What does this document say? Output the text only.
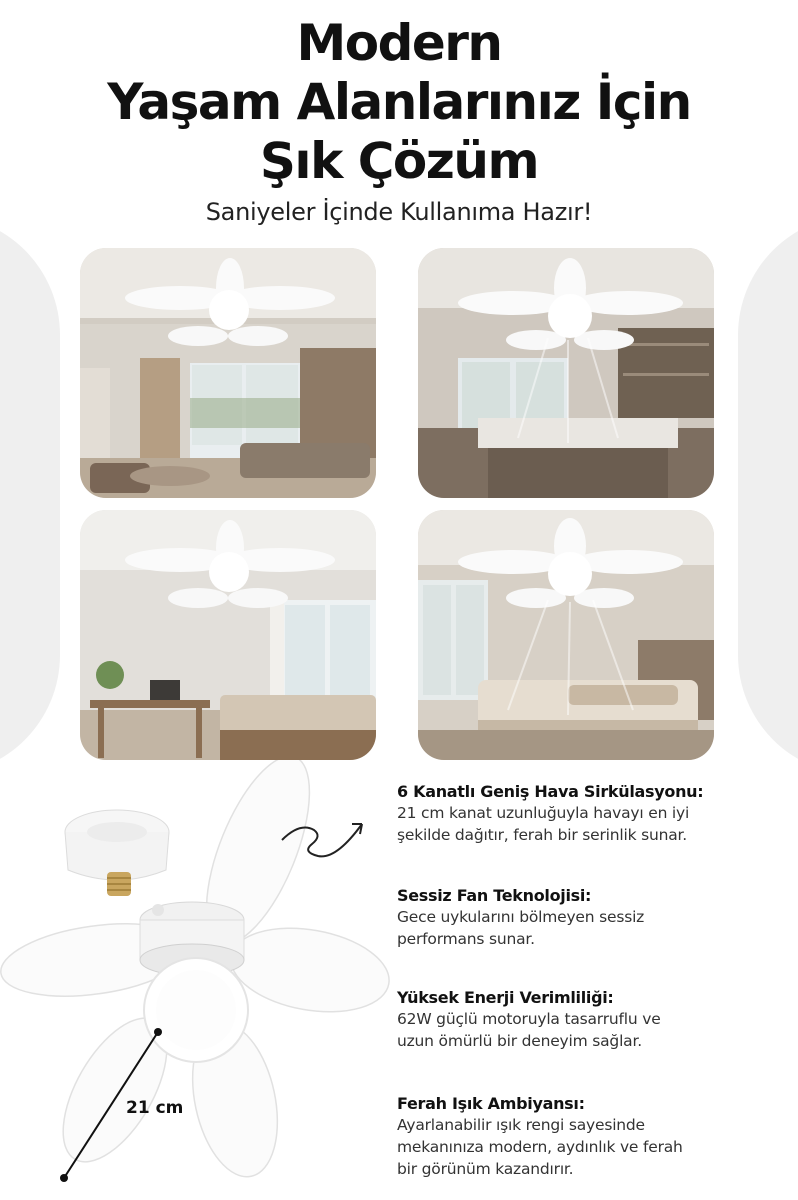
Modern
Yaşam Alanlarınız İçin
Şık Çözüm
Saniyeler İçinde Kullanıma Hazır!
21 cm
6 Kanatlı Geniş Hava Sirkülasyonu:

21 cm kanat uzunluğuyla havayı en iyi
şekilde dağıtır, ferah bir serinlik sunar.

Sessiz Fan Teknolojisi:

Gece uykularını bölmeyen sessiz
performans sunar.

Yüksek Enerji Verimliliği:

62W güçlü motoruyla tasarruflu ve
uzun ömürlü bir deneyim sağlar.

Ferah Işık Ambiyansı:

Ayarlanabilir ışık rengi sayesinde
mekanınıza modern, aydınlık ve ferah
bir görünüm kazandırır.
